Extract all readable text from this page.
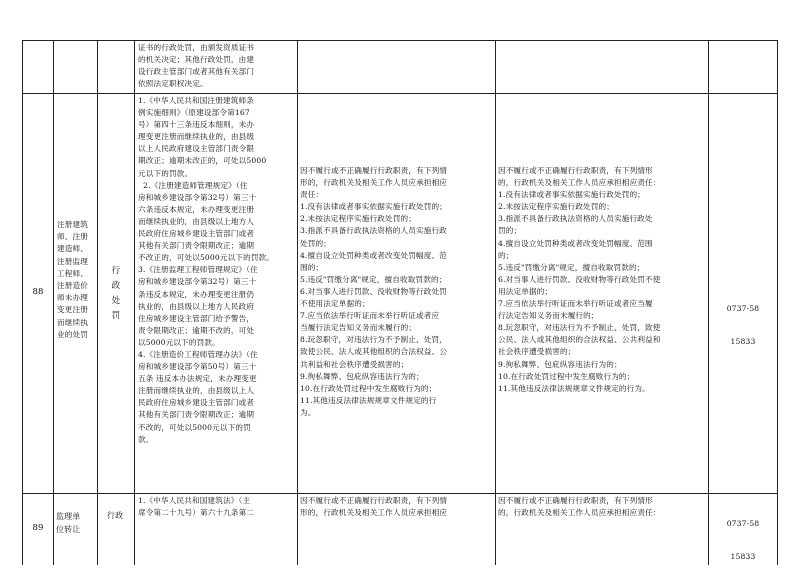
证书的行政处罚，由颁发资质证书
的机关决定；其他行政处罚，由建
设行政主管部门或者其他有关部门
依照法定职权决定。
88
注册建筑
师、注册
建造师、
注册监理
工程师、
注册造价
师未办理
变更注册
而继续执
业的处罚
行
政
处
罚
1.《中华人民共和国注册建筑师条
例实施细则》（原建设部令第167
号）第四十三条违反本细则，未办
理变更注册而继续执业的，由县级
以上人民政府建设主管部门责令限
期改正；逾期未改正的，可处以5000
元以下的罚款。
2.《注册建造师管理规定》（住
房和城乡建设部令第32号）第三十
六条违反本规定，未办理变更注册
而继续执业的，由县级以上地方人
民政府住房城乡建设主管部门或者
其他有关部门责令限期改正；逾期
不改正的，可处以5000元以下的罚款。
3.《注册监理工程师管理规定》（住
房和城乡建设部令第32号）第三十
条违反本规定，未办理变更注册仍
执业的，由县级以上地方人民政府
住房城乡建设主管部门给予警告，
责令限期改正；逾期不改的，可处
以5000元以下的罚款。
4.《注册造价工程师管理办法》（住
房和城乡建设部令第50号）第三十
五条 违反本办法规定，未办理变更
注册而继续执业的，由县级以上人
民政府住房城乡建设主管部门或者
其他有关部门责令限期改正；逾期
不改的，可处以5000元以下的罚
款。
因不履行或不正确履行行政职责，有下列情
形的，行政机关及相关工作人员应承担相应
责任：
1.没有法律或者事实依据实施行政处罚的；
2.未按法定程序实施行政处罚的；
3.指派不具备行政执法资格的人员实施行政
处罚的；
4.擅自设立处罚种类或者改变处罚幅度、范
围的；
5.违反"罚缴分离"规定，擅自收取罚款的；
6.对当事人进行罚款、没收财物等行政处罚
不使用法定单据的；
7.应当依法举行听证而未举行听证或者应
当履行法定告知义务而未履行的；
8.玩忽职守，对违法行为不予制止、处罚，
致使公民、法人或其他组织的合法权益、公
共利益和社会秩序遭受损害的；
9.徇私舞弊、包庇纵容违法行为的；
10.在行政处罚过程中发生腐败行为的；
11.其他违反法律法规规章文件规定的行
为。
因不履行或不正确履行行政职责，有下列情形
的，行政机关及相关工作人员应承担相应责任：
1.没有法律或者事实依据实施行政处罚的；
2.未按法定程序实施行政处罚的；
3.指派不具备行政执法资格的人员实施行政处
罚的；
4.擅自设立处罚种类或者改变处罚幅度、范围
的；
5.违反"罚缴分离"规定，擅自收取罚款的；
6.对当事人进行罚款、没收财物等行政处罚不使
用法定单据的；
7.应当依法举行听证而未举行听证或者应当履
行法定告知义务而未履行的；
8.玩忽职守，对违法行为不予制止、处罚，致使
公民、法人或其他组织的合法权益、公共利益和
社会秩序遭受损害的；
9.徇私舞弊、包庇纵容违法行为的；
10.在行政处罚过程中发生腐败行为的；
11.其他违反法律法规规章文件规定的行为。

0737-58

15833

89
监理单
位转让
行政
1.《中华人民共和国建筑法》（主
席令第二十九号）第六十九条第二
因不履行或不正确履行行政职责，有下列情
形的，行政机关及相关工作人员应承担相应
因不履行或不正确履行行政职责，有下列情形
的，行政机关及相关工作人员应承担相应责任：

0737-58

15833
